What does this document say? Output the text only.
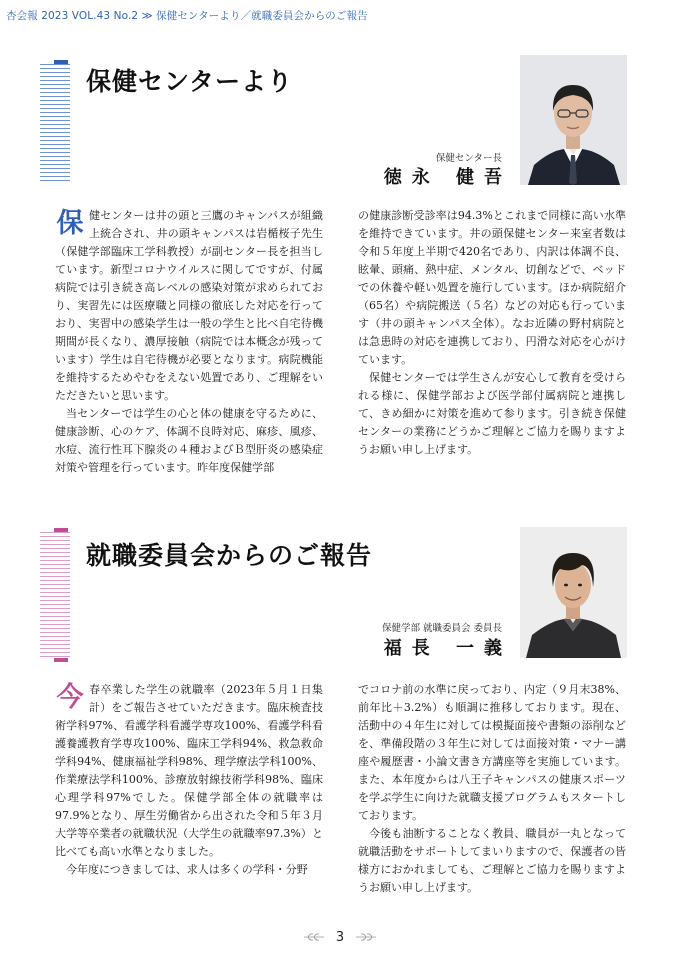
杏会報 2023 VOL.43 No.2 ≫ 保健センターより／就職委員会からのご報告
保健センターより
保健センター長
徳永 健吾
保 健センターは井の頭と三鷹のキャンパスが組織上統合され、井の頭キャンパスは岩楯桜子先生（保健学部臨床工学科教授）が副センター長を担当しています。新型コロナウイルスに関してですが、付属病院では引き続き高レベルの感染対策が求められており、実習先には医療職と同様の徹底した対応を行っており、実習中の感染学生は一般の学生と比べ自宅待機期間が長くなり、濃厚接触（病院では本概念が残っています）学生は自宅待機が必要となります。病院機能を維持するためやむをえない処置であり、ご理解をいただきたいと思います。

当センターでは学生の心と体の健康を守るために、健康診断、心のケア、体調不良時対応、麻疹、風疹、水痘、流行性耳下腺炎の４種およびＢ型肝炎の感染症対策や管理を行っています。昨年度保健学部

の健康診断受診率は94.3%とこれまで同様に高い水準を維持できています。井の頭保健センター来室者数は令和５年度上半期で420名であり、内訳は体調不良、眩暈、頭痛、熱中症、メンタル、切創などで、ベッドでの休養や軽い処置を施行しています。ほか病院紹介（65名）や病院搬送（５名）などの対応も行っています（井の頭キャンパス全体）。なお近隣の野村病院とは急患時の対応を連携しており、円滑な対応を心がけています。

保健センターでは学生さんが安心して教育を受けられる様に、保健学部および医学部付属病院と連携して、きめ細かに対策を進めて参ります。引き続き保健センターの業務にどうかご理解とご協力を賜りますようお願い申し上げます。

就職委員会からのご報告
保健学部 就職委員会 委員長
福長 一義
今 春卒業した学生の就職率（2023年５月１日集計）をご報告させていただきます。臨床検査技術学科97%、看護学科看護学専攻100%、看護学科看護養護教育学専攻100%、臨床工学科94%、救急救命学科94%、健康福祉学科98%、理学療法学科100%、作業療法学科100%、診療放射線技術学科98%、臨床心理学科97%でした。保健学部全体の就職率は97.9%となり、厚生労働省から出された令和５年３月大学等卒業者の就職状況（大学生の就職率97.3%）と比べても高い水準となりました。

今年度につきましては、求人は多くの学科・分野

でコロナ前の水準に戻っており、内定（９月末38%、前年比＋3.2%）も順調に推移しております。現在、活動中の４年生に対しては模擬面接や書類の添削などを、準備段階の３年生に対しては面接対策・マナー講座や履歴書・小論文書き方講座等を実施しています。また、本年度からは八王子キャンパスの健康スポーツを学ぶ学生に向けた就職支援プログラムもスタートしております。

今後も油断することなく教員、職員が一丸となって就職活動をサポートしてまいりますので、保護者の皆様方におかれましても、ご理解とご協力を賜りますようお願い申し上げます。

3
